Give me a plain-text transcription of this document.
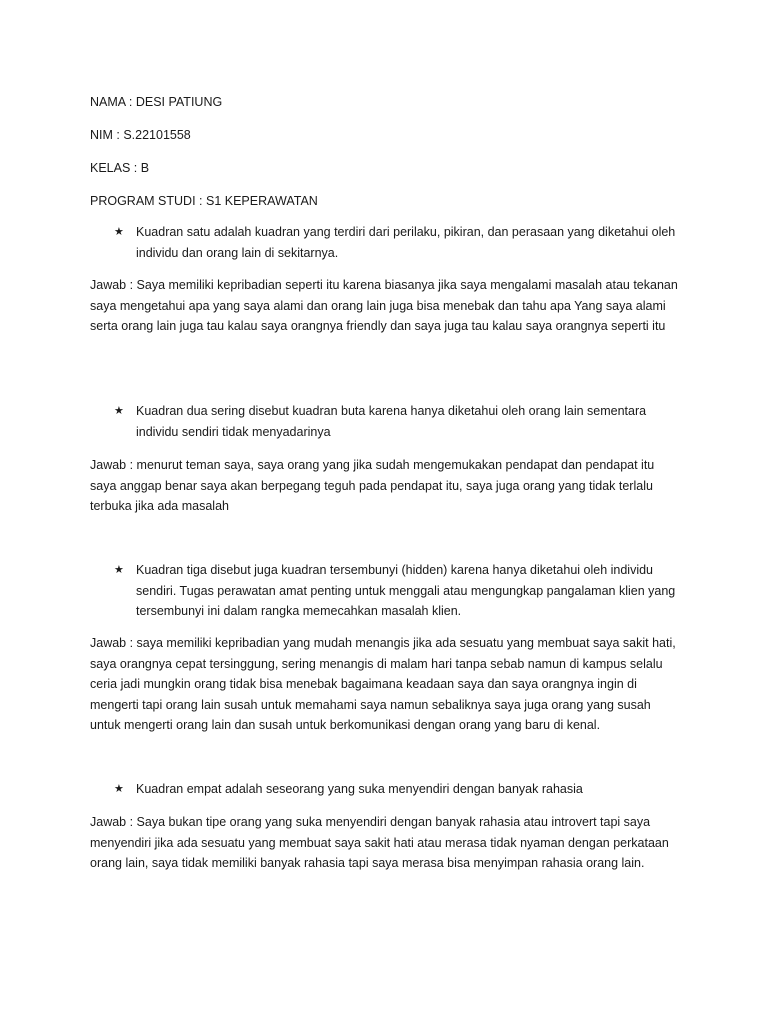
NAMA : DESI PATIUNG

NIM : S.22101558

KELAS : B

PROGRAM STUDI : S1 KEPERAWATAN

★ Kuadran satu adalah kuadran yang terdiri dari perilaku, pikiran, dan perasaan yang diketahui oleh individu dan orang lain di sekitarnya.

Jawab : Saya memiliki kepribadian seperti itu karena biasanya jika saya mengalami masalah atau tekanan saya mengetahui apa yang saya alami dan orang lain juga bisa menebak dan tahu apa Yang saya alami serta orang lain juga tau kalau saya orangnya friendly dan saya juga tau kalau saya orangnya seperti itu

★ Kuadran dua sering disebut kuadran buta karena hanya diketahui oleh orang lain sementara individu sendiri tidak menyadarinya

Jawab : menurut teman saya, saya orang yang jika sudah mengemukakan pendapat dan pendapat itu saya anggap benar saya akan berpegang teguh pada pendapat itu, saya juga orang yang tidak terlalu terbuka jika ada masalah

★ Kuadran tiga disebut juga kuadran tersembunyi (hidden) karena hanya diketahui oleh individu sendiri. Tugas perawatan amat penting untuk menggali atau mengungkap pangalaman klien yang tersembunyi ini dalam rangka memecahkan masalah klien.

Jawab : saya memiliki kepribadian yang mudah menangis jika ada sesuatu yang membuat saya sakit hati, saya orangnya cepat tersinggung, sering menangis di malam hari tanpa sebab namun di kampus selalu ceria jadi mungkin orang tidak bisa menebak bagaimana keadaan saya dan saya orangnya ingin di mengerti tapi orang lain susah untuk memahami saya namun sebaliknya saya juga orang yang susah untuk mengerti orang lain dan susah untuk berkomunikasi dengan orang yang baru di kenal.

★ Kuadran empat adalah seseorang yang suka menyendiri dengan banyak rahasia

Jawab : Saya bukan tipe orang yang suka menyendiri dengan banyak rahasia atau introvert tapi saya menyendiri jika ada sesuatu yang membuat saya sakit hati atau merasa tidak nyaman dengan perkataan orang lain, saya tidak memiliki banyak rahasia tapi saya merasa bisa menyimpan rahasia orang lain.
